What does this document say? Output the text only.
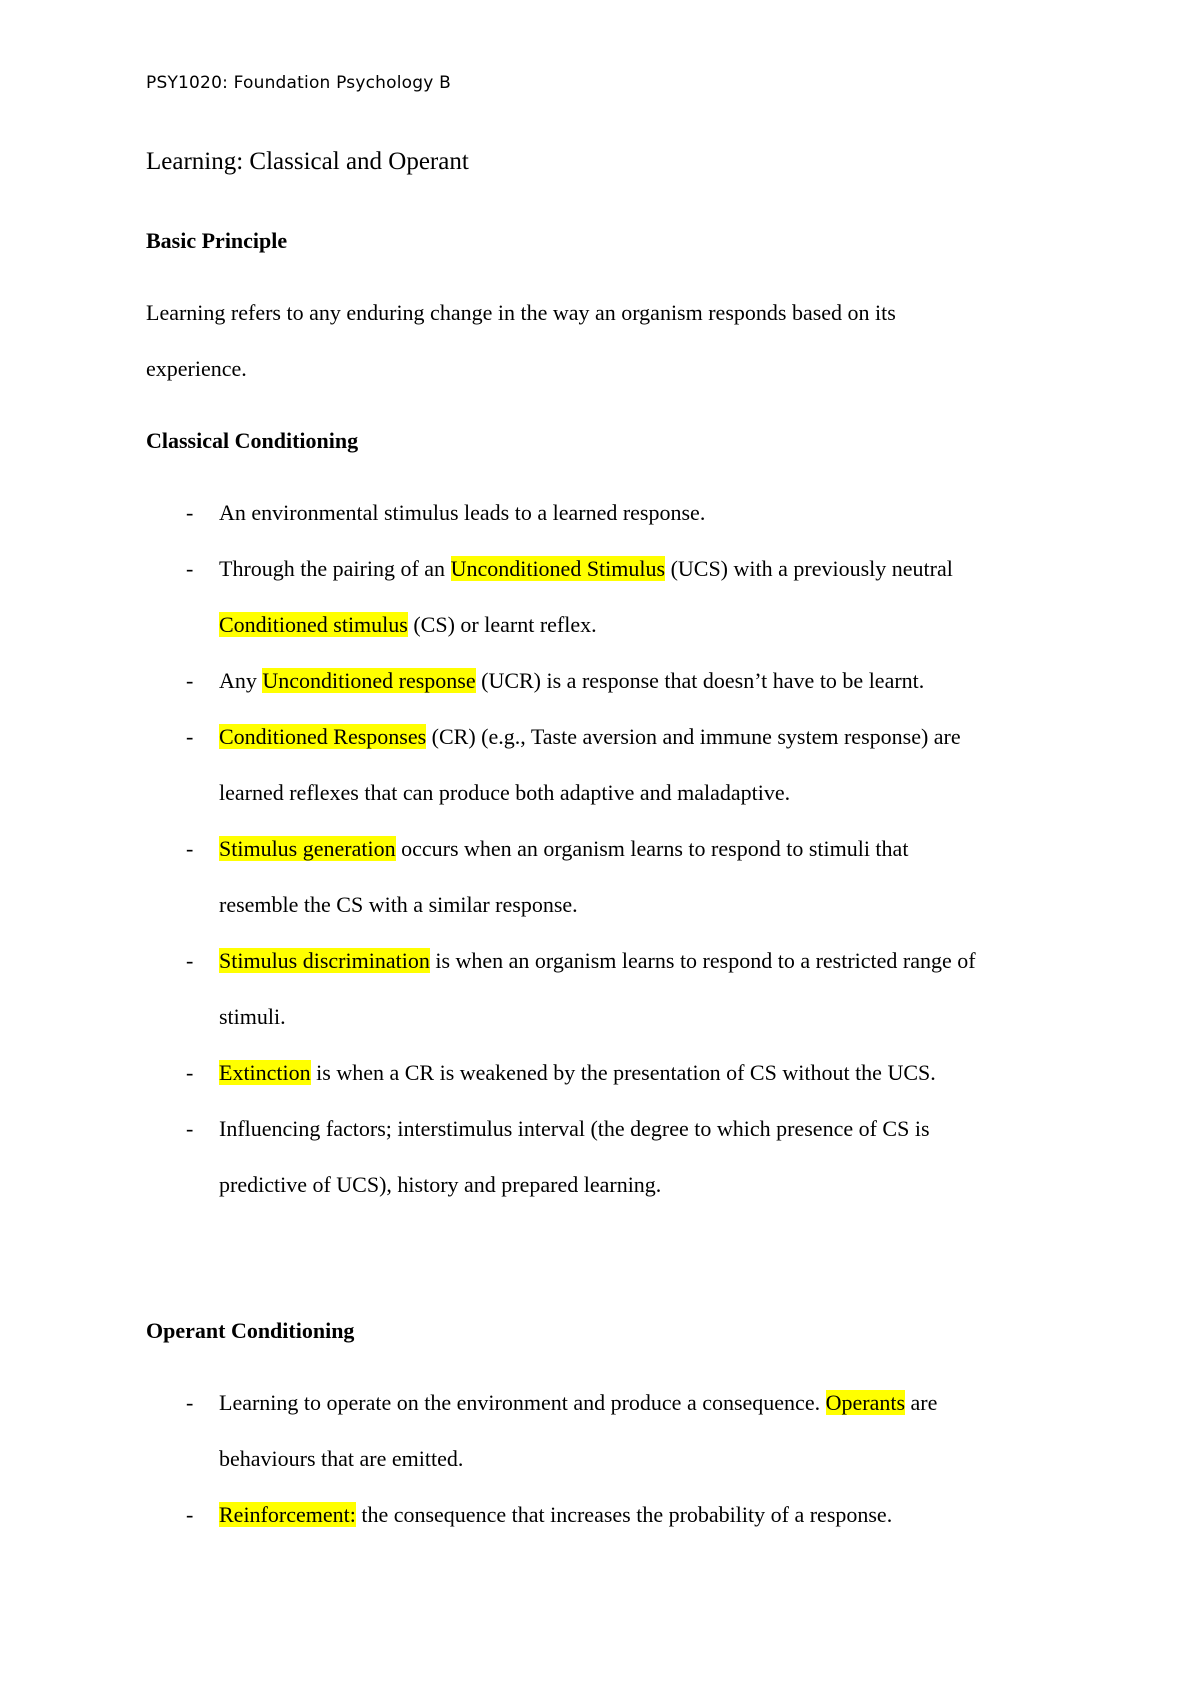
PSY1020: Foundation Psychology B
Learning: Classical and Operant
Basic Principle
Learning refers to any enduring change in the way an organism responds based on its
experience.
Classical Conditioning
- An environmental stimulus leads to a learned response.
- Through the pairing of an Unconditioned Stimulus (UCS) with a previously neutral
Conditioned stimulus (CS) or learnt reflex.
- Any Unconditioned response (UCR) is a response that doesn’t have to be learnt.
- Conditioned Responses (CR) (e.g., Taste aversion and immune system response) are
learned reflexes that can produce both adaptive and maladaptive.
- Stimulus generation occurs when an organism learns to respond to stimuli that
resemble the CS with a similar response.
- Stimulus discrimination is when an organism learns to respond to a restricted range of
stimuli.
- Extinction is when a CR is weakened by the presentation of CS without the UCS.
- Influencing factors; interstimulus interval (the degree to which presence of CS is
predictive of UCS), history and prepared learning.
Operant Conditioning
- Learning to operate on the environment and produce a consequence. Operants are
behaviours that are emitted.
- Reinforcement: the consequence that increases the probability of a response.
